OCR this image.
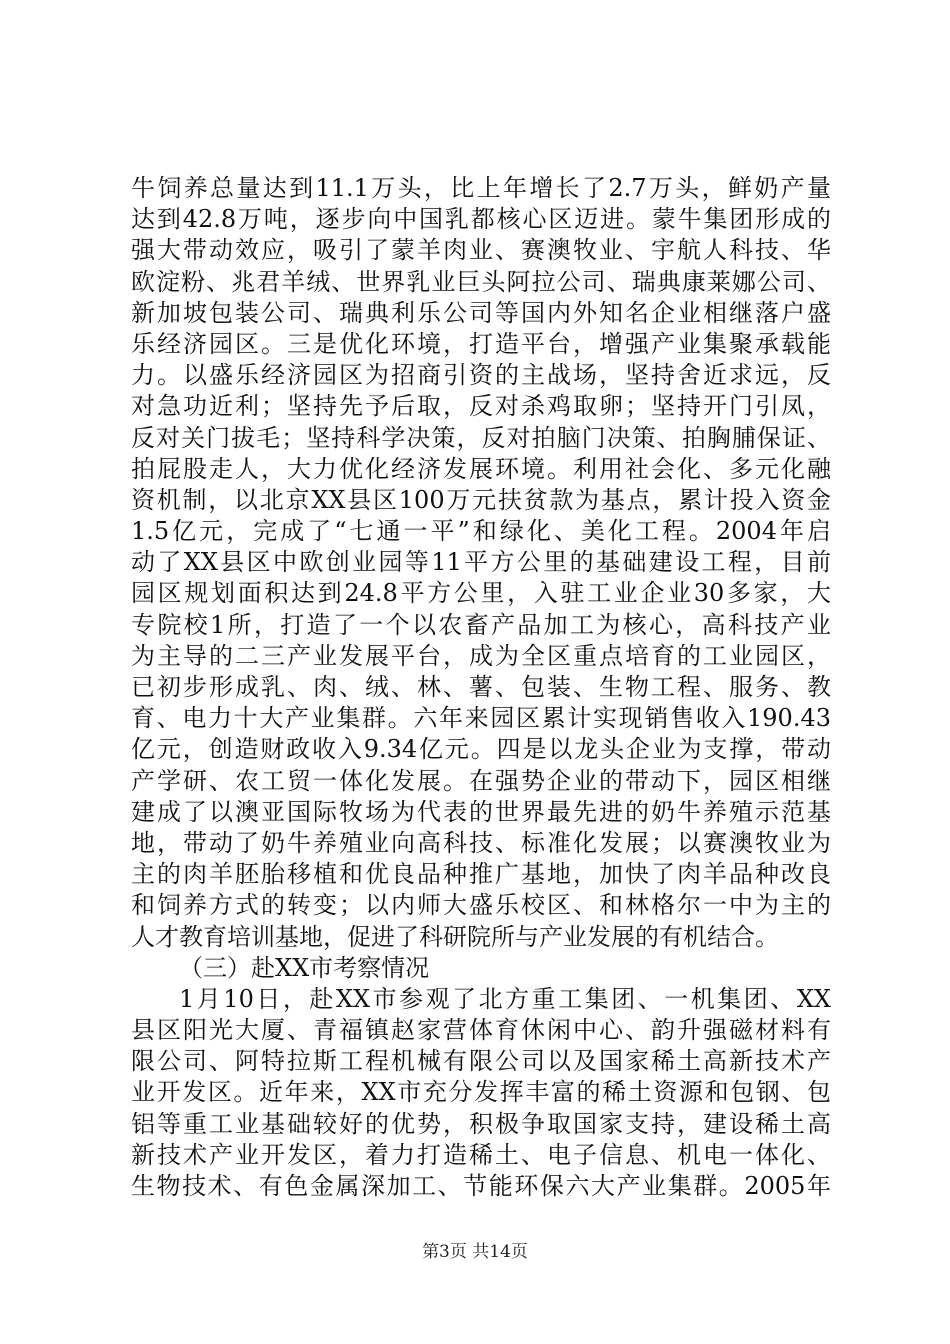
牛饲养总量达到11.1万头，比上年增长了2.7万头，鲜奶产量
达到42.8万吨，逐步向中国乳都核心区迈进。蒙牛集团形成的
强大带动效应，吸引了蒙羊肉业、赛澳牧业、宇航人科技、华
欧淀粉、兆君羊绒、世界乳业巨头阿拉公司、瑞典康莱娜公司、
新加坡包装公司、瑞典利乐公司等国内外知名企业相继落户盛
乐经济园区。三是优化环境，打造平台，增强产业集聚承载能
力。以盛乐经济园区为招商引资的主战场，坚持舍近求远，反
对急功近利；坚持先予后取，反对杀鸡取卵；坚持开门引凤，
反对关门拔毛；坚持科学决策，反对拍脑门决策、拍胸脯保证、
拍屁股走人，大力优化经济发展环境。利用社会化、多元化融
资机制，以北京XX县区100万元扶贫款为基点，累计投入资金
1.5亿元，完成了“七通一平”和绿化、美化工程。2004年启
动了XX县区中欧创业园等11平方公里的基础建设工程，目前
园区规划面积达到24.8平方公里，入驻工业企业30多家，大
专院校1所，打造了一个以农畜产品加工为核心，高科技产业
为主导的二三产业发展平台，成为全区重点培育的工业园区，
已初步形成乳、肉、绒、林、薯、包装、生物工程、服务、教
育、电力十大产业集群。六年来园区累计实现销售收入190.43
亿元，创造财政收入9.34亿元。四是以龙头企业为支撑，带动
产学研、农工贸一体化发展。在强势企业的带动下，园区相继
建成了以澳亚国际牧场为代表的世界最先进的奶牛养殖示范基
地，带动了奶牛养殖业向高科技、标准化发展；以赛澳牧业为
主的肉羊胚胎移植和优良品种推广基地，加快了肉羊品种改良
和饲养方式的转变；以内师大盛乐校区、和林格尔一中为主的
人才教育培训基地，促进了科研院所与产业发展的有机结合。
（三）赴XX市考察情况
1月10日，赴XX市参观了北方重工集团、一机集团、XX
县区阳光大厦、青福镇赵家营体育休闲中心、韵升强磁材料有
限公司、阿特拉斯工程机械有限公司以及国家稀土高新技术产
业开发区。近年来，XX市充分发挥丰富的稀土资源和包钢、包
铝等重工业基础较好的优势，积极争取国家支持，建设稀土高
新技术产业开发区，着力打造稀土、电子信息、机电一体化、
生物技术、有色金属深加工、节能环保六大产业集群。2005年
第3页 共14页
